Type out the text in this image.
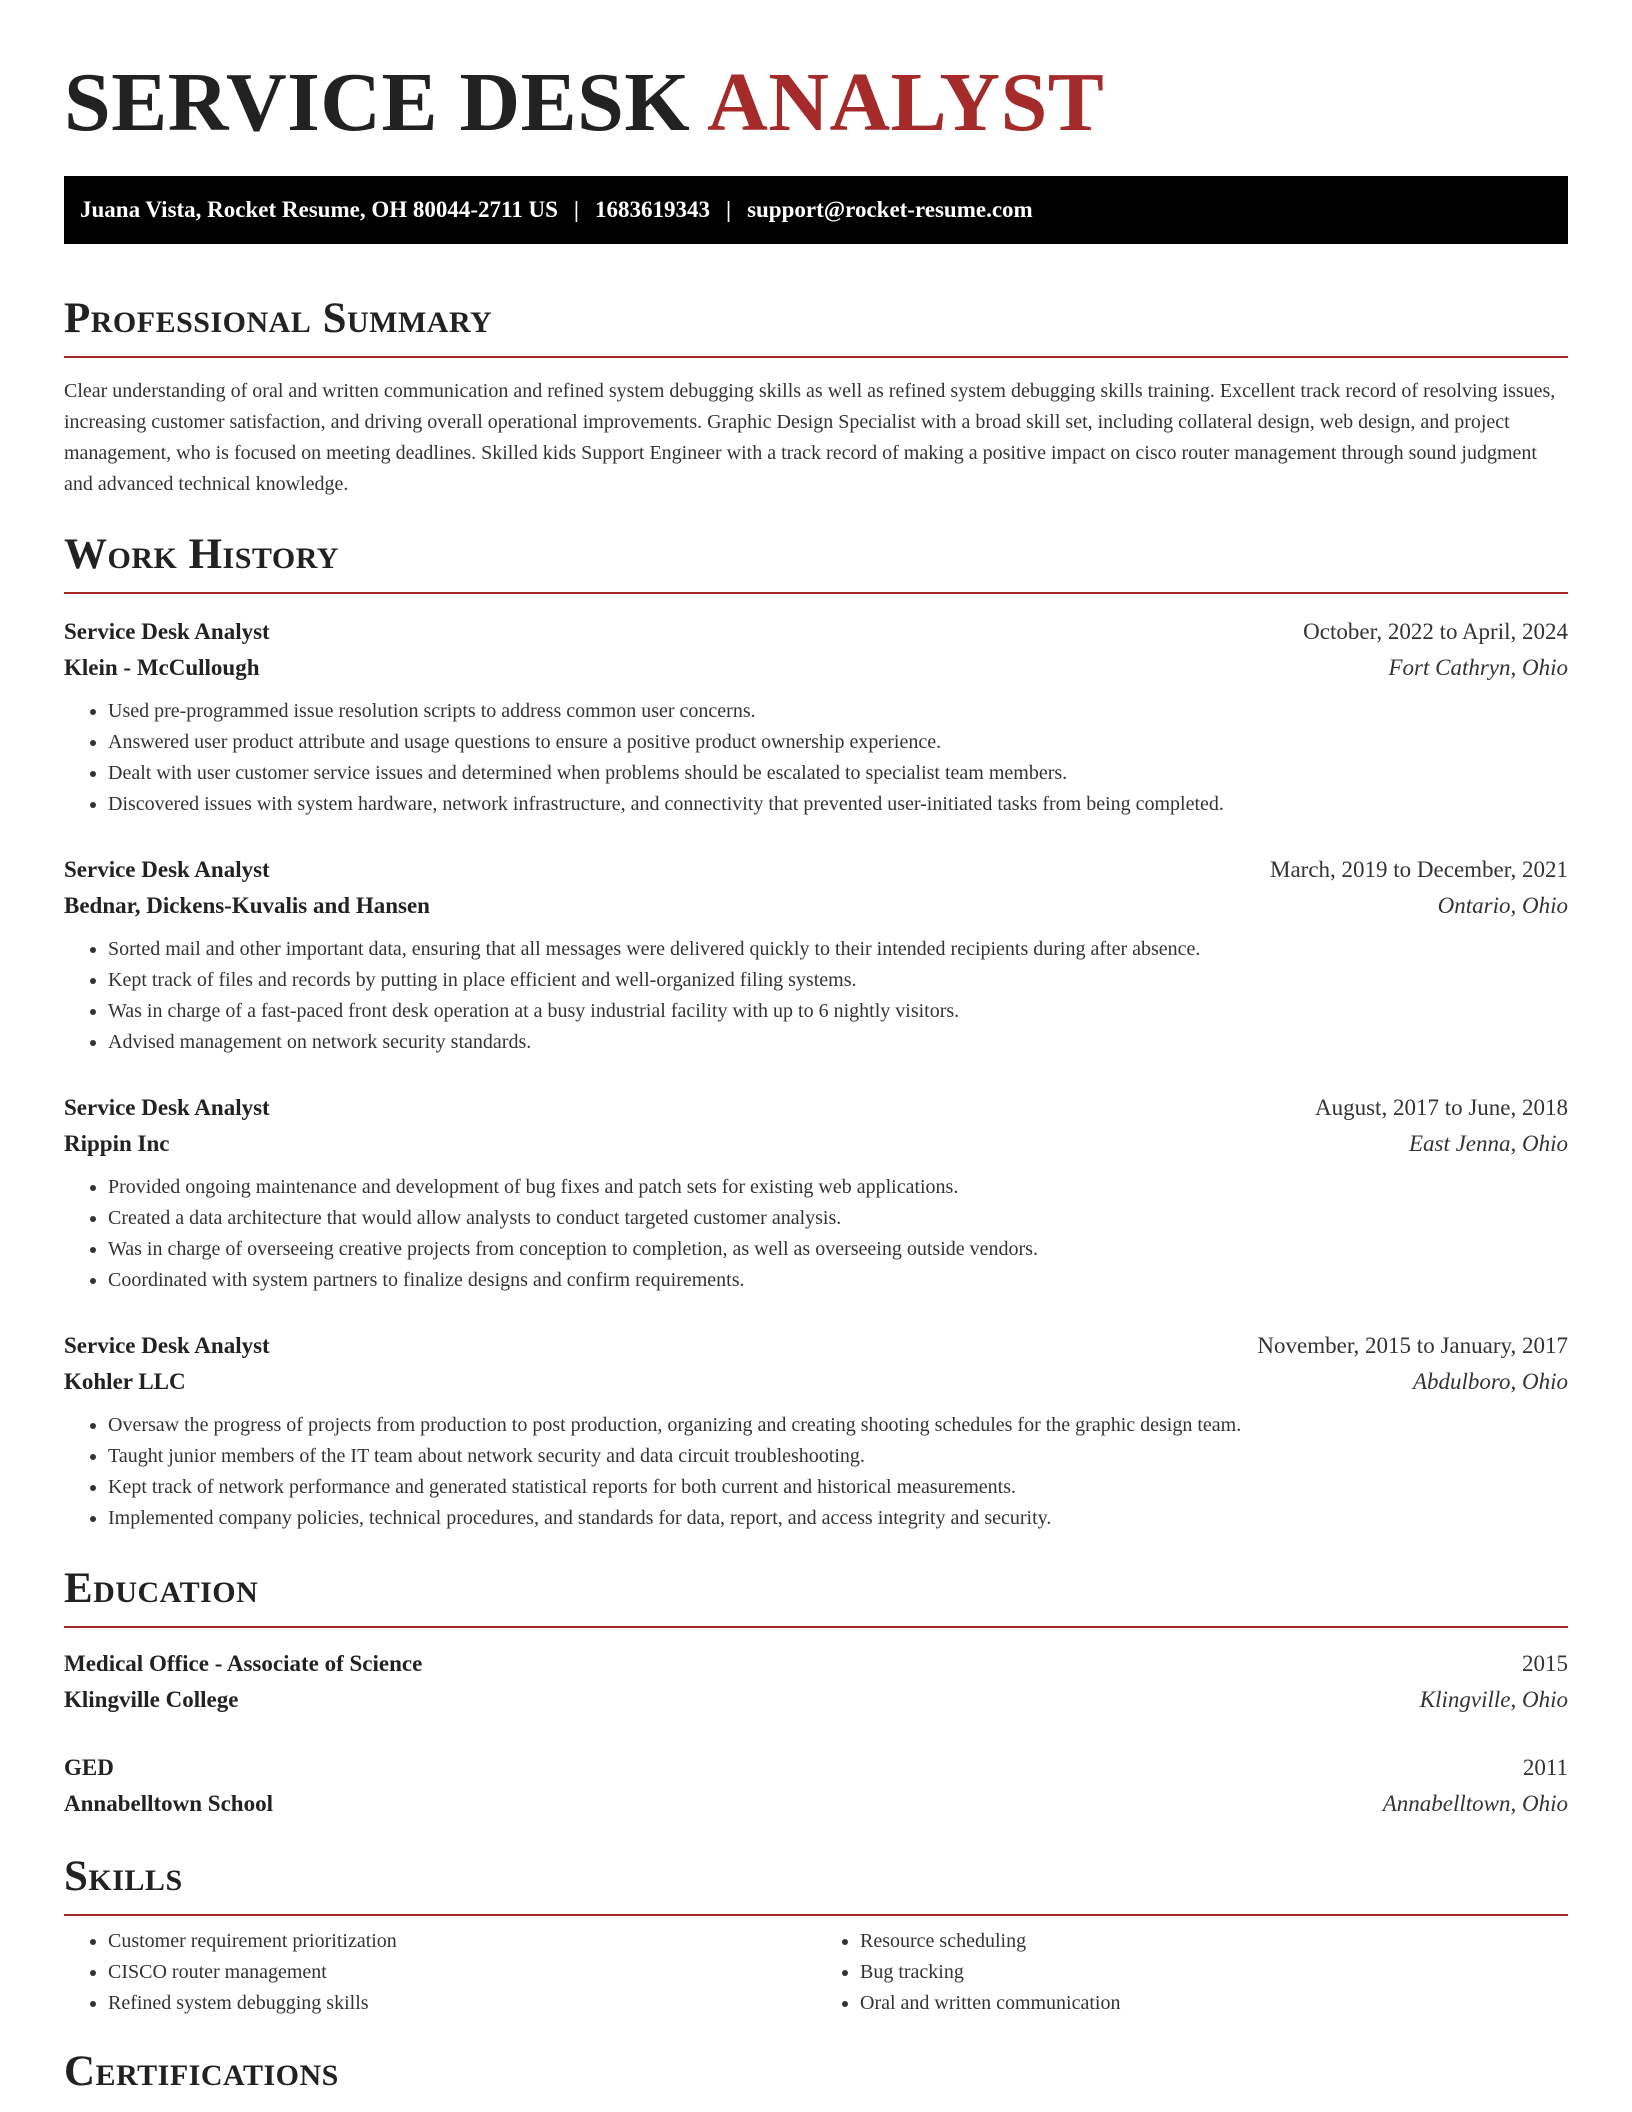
SERVICE DESK ANALYST
Juana Vista, Rocket Resume, OH 80044-2711 US | 1683619343 | support@rocket-resume.com
Professional Summary

Clear understanding of oral and written communication and refined system debugging skills as well as refined system debugging skills training. Excellent track record of resolving issues, increasing customer satisfaction, and driving overall operational improvements. Graphic Design Specialist with a broad skill set, including collateral design, web design, and project management, who is focused on meeting deadlines. Skilled kids Support Engineer with a track record of making a positive impact on cisco router management through sound judgment and advanced technical knowledge.

Work History
Service Desk Analyst	October, 2022 to April, 2024
Klein - McCullough	Fort Cathryn, Ohio
• Used pre-programmed issue resolution scripts to address common user concerns.
• Answered user product attribute and usage questions to ensure a positive product ownership experience.
• Dealt with user customer service issues and determined when problems should be escalated to specialist team members.
• Discovered issues with system hardware, network infrastructure, and connectivity that prevented user-initiated tasks from being completed.
Service Desk Analyst	March, 2019 to December, 2021
Bednar, Dickens-Kuvalis and Hansen	Ontario, Ohio
• Sorted mail and other important data, ensuring that all messages were delivered quickly to their intended recipients during after absence.
• Kept track of files and records by putting in place efficient and well-organized filing systems.
• Was in charge of a fast-paced front desk operation at a busy industrial facility with up to 6 nightly visitors.
• Advised management on network security standards.
Service Desk Analyst	August, 2017 to June, 2018
Rippin Inc	East Jenna, Ohio
• Provided ongoing maintenance and development of bug fixes and patch sets for existing web applications.
• Created a data architecture that would allow analysts to conduct targeted customer analysis.
• Was in charge of overseeing creative projects from conception to completion, as well as overseeing outside vendors.
• Coordinated with system partners to finalize designs and confirm requirements.
Service Desk Analyst	November, 2015 to January, 2017
Kohler LLC	Abdulboro, Ohio
• Oversaw the progress of projects from production to post production, organizing and creating shooting schedules for the graphic design team.
• Taught junior members of the IT team about network security and data circuit troubleshooting.
• Kept track of network performance and generated statistical reports for both current and historical measurements.
• Implemented company policies, technical procedures, and standards for data, report, and access integrity and security.
Education
Medical Office - Associate of Science	2015
Klingville College	Klingville, Ohio
GED	2011
Annabelltown School	Annabelltown, Ohio
Skills
• Customer requirement prioritization
• CISCO router management
• Refined system debugging skills
• Resource scheduling
• Bug tracking
• Oral and written communication
Certifications
